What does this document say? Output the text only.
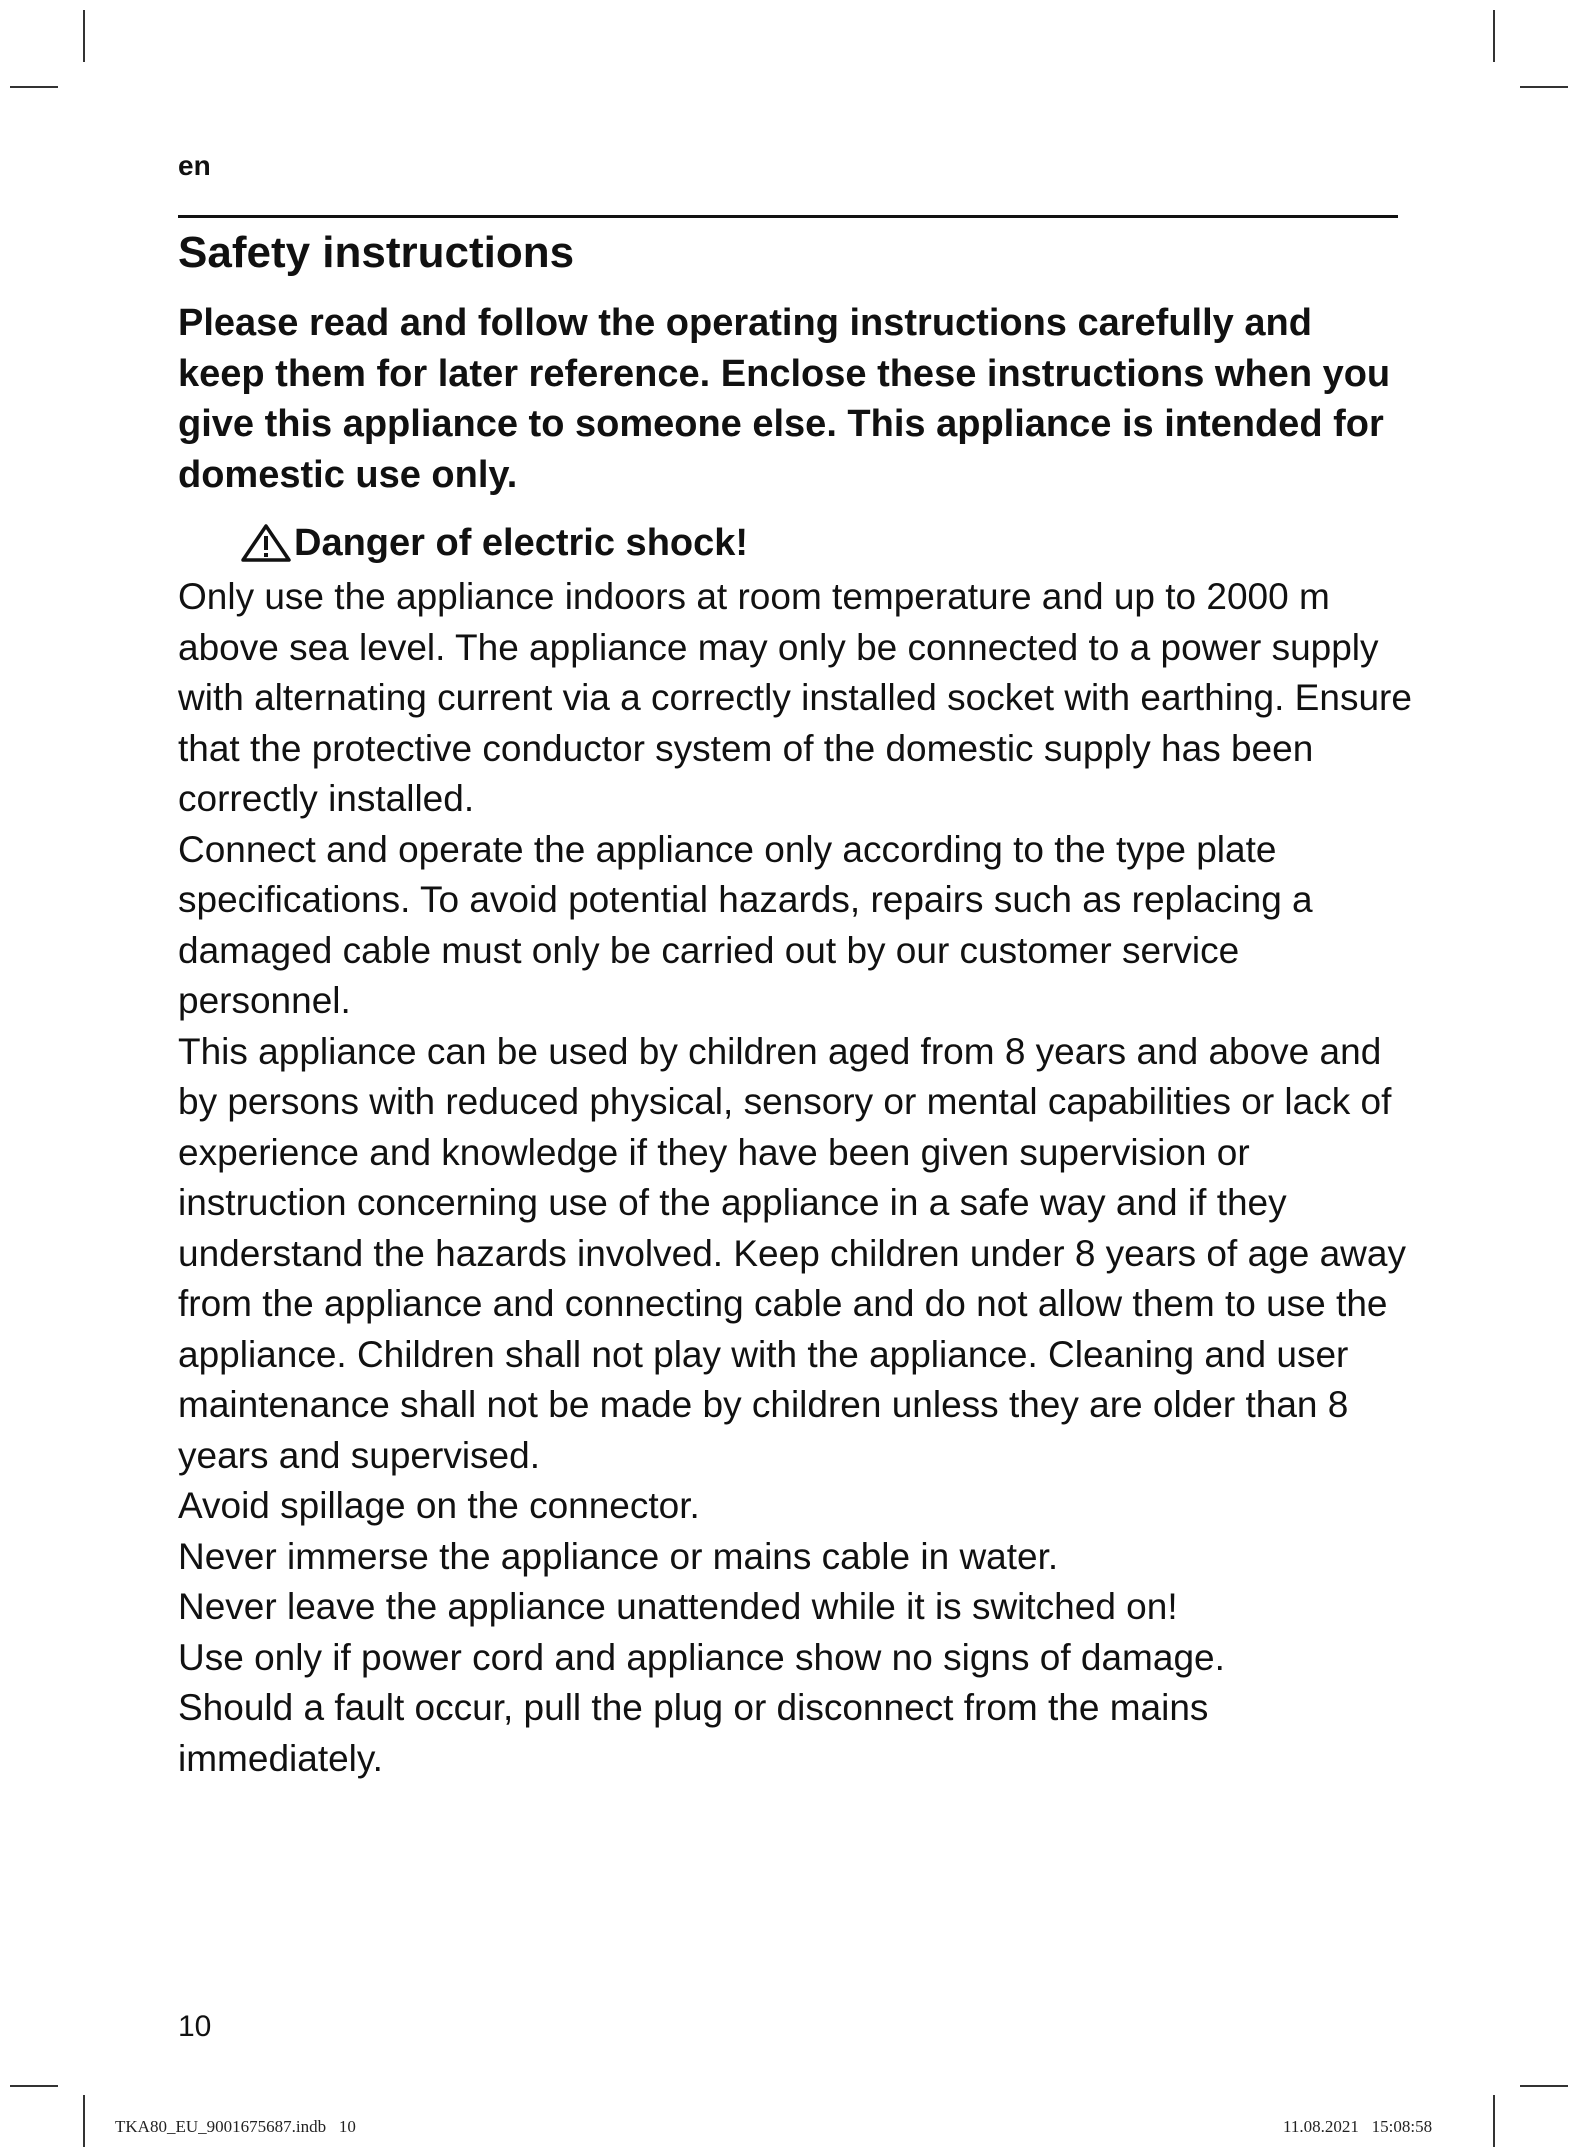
en
Safety instructions

Please read and follow the operating instructions carefully and keep them for later reference. Enclose these instructions when you give this appliance to someone else. This appliance is intended for domestic use only.

Danger of electric shock!

Only use the appliance indoors at room temperature and up to 2000 m above sea level. The appliance may only be connected to a power supply with alternating current via a correctly installed socket with earthing. Ensure that the protective conductor system of the domestic supply has been correctly installed.

Connect and operate the appliance only according to the type plate specifications. To avoid potential hazards, repairs such as replacing a damaged cable must only be carried out by our customer service personnel.

This appliance can be used by children aged from 8 years and above and by persons with reduced physical, sensory or mental capabilities or lack of experience and knowledge if they have been given supervision or instruction concerning use of the appliance in a safe way and if they understand the hazards involved. Keep children under 8 years of age away from the appliance and connecting cable and do not allow them to use the appliance. Children shall not play with the appliance. Cleaning and user maintenance shall not be made by children unless they are older than 8 years and supervised.

Avoid spillage on the connector.

Never immerse the appliance or mains cable in water.

Never leave the appliance unattended while it is switched on!

Use only if power cord and appliance show no signs of damage.

Should a fault occur, pull the plug or disconnect from the mains immediately.

10
TKA80_EU_9001675687.indb   10	11.08.2021   15:08:58
